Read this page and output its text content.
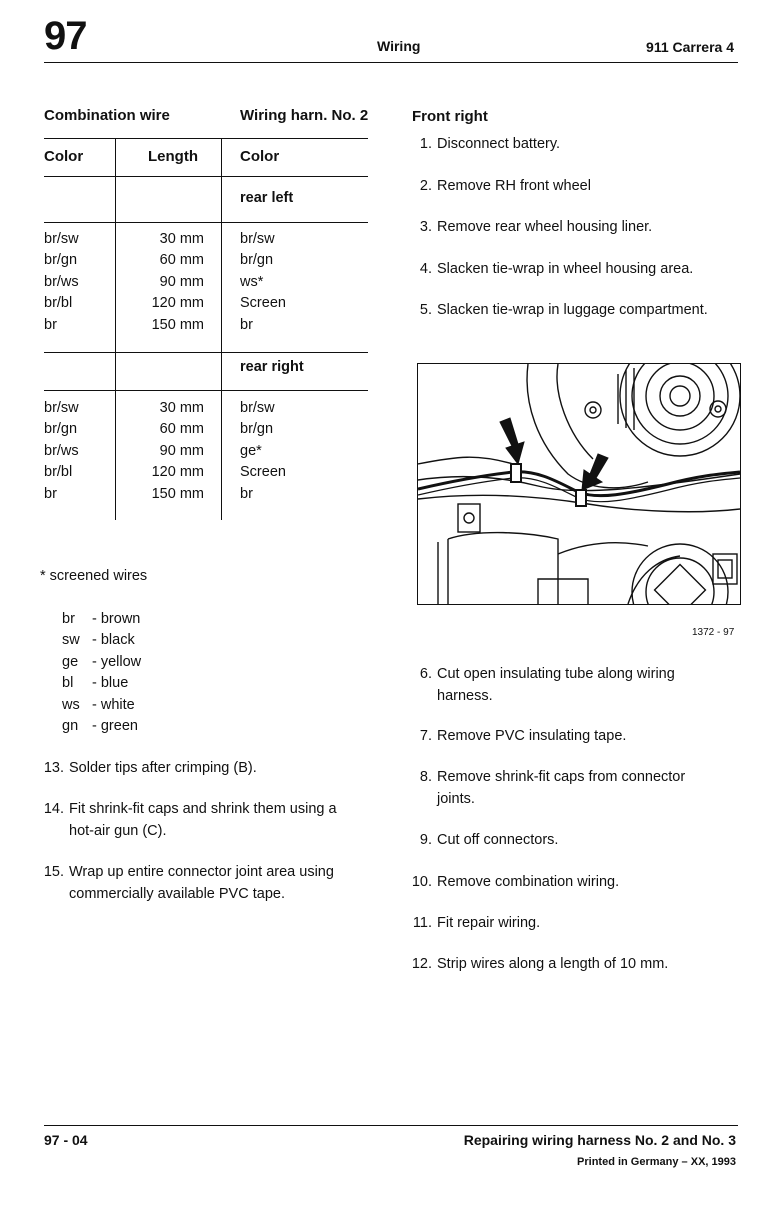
97	Wiring	911 Carrera 4
Combination wire	Wiring harn. No. 2
Color	Length	Color
rear left
br/sw	30 mm br/sw
br/gn	60 mm br/gn
br/ws	90 mm ws*
br/bl	120 mm Screen
br	150 mm br
rear right
br/sw	30 mm br/sw
br/gn	60 mm br/gn
br/ws	90 mm ge*
br/bl	120 mm Screen
br	150 mm br
* screened wires
br - brown
sw - black
ge - yellow
bl - blue
ws - white
gn - green
13. Solder tips after crimping (B).
14. Fit shrink-fit caps and shrink them using a hot-air gun (C).
15. Wrap up entire connector joint area using commercially available PVC tape.
Front right
1. Disconnect battery.
2. Remove RH front wheel
3. Remove rear wheel housing liner.
4. Slacken tie-wrap in wheel housing area.
5. Slacken tie-wrap in luggage compartment.
1372 - 97
6. Cut open insulating tube along wiring harness.
7. Remove PVC insulating tape.
8. Remove shrink-fit caps from connector joints.
9. Cut off connectors.
10. Remove combination wiring.
11. Fit repair wiring.
12. Strip wires along a length of 10 mm.
97 - 04	Repairing wiring harness No. 2 and No. 3
Printed in Germany – XX, 1993
